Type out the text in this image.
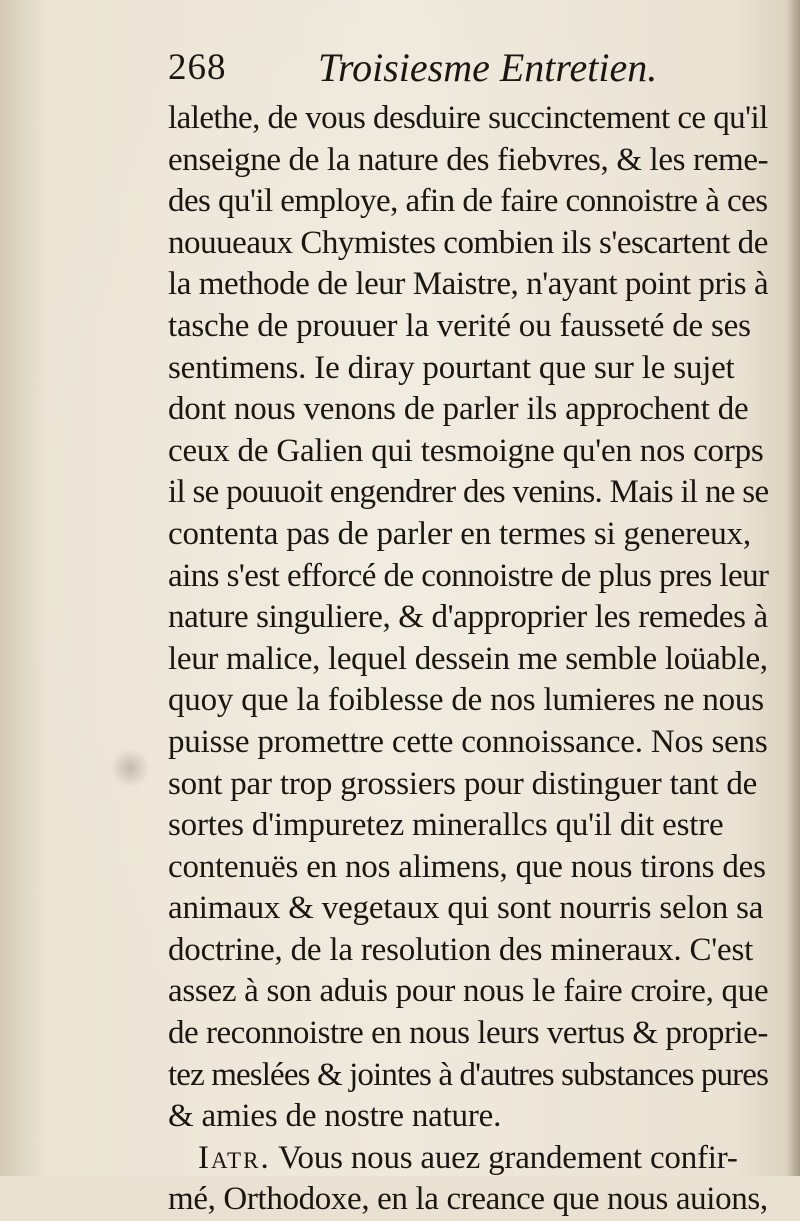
268 Troisiesme Entretien.
lalethe, de vous desduire succinctement ce qu'il
enseigne de la nature des fiebvres, & les reme-
des qu'il employe, afin de faire connoistre à ces
nouueaux Chymistes combien ils s'escartent de
la methode de leur Maistre, n'ayant point pris à
tasche de prouuer la verité ou fausseté de ses
sentimens. Ie diray pourtant que sur le sujet
dont nous venons de parler ils approchent de
ceux de Galien qui tesmoigne qu'en nos corps
il se pouuoit engendrer des venins. Mais il ne se
contenta pas de parler en termes si genereux,
ains s'est efforcé de connoistre de plus pres leur
nature singuliere, & d'approprier les remedes à
leur malice, lequel dessein me semble loüable,
quoy que la foiblesse de nos lumieres ne nous
puisse promettre cette connoissance. Nos sens
sont par trop grossiers pour distinguer tant de
sortes d'impuretez minerallcs qu'il dit estre
contenuës en nos alimens, que nous tirons des
animaux & vegetaux qui sont nourris selon sa
doctrine, de la resolution des mineraux. C'est
assez à son aduis pour nous le faire croire, que
de reconnoistre en nous leurs vertus & proprie-
tez meslées & jointes à d'autres substances pures
& amies de nostre nature.
Iatr. Vous nous auez grandement confir-
mé, Orthodoxe, en la creance que nous auions,
